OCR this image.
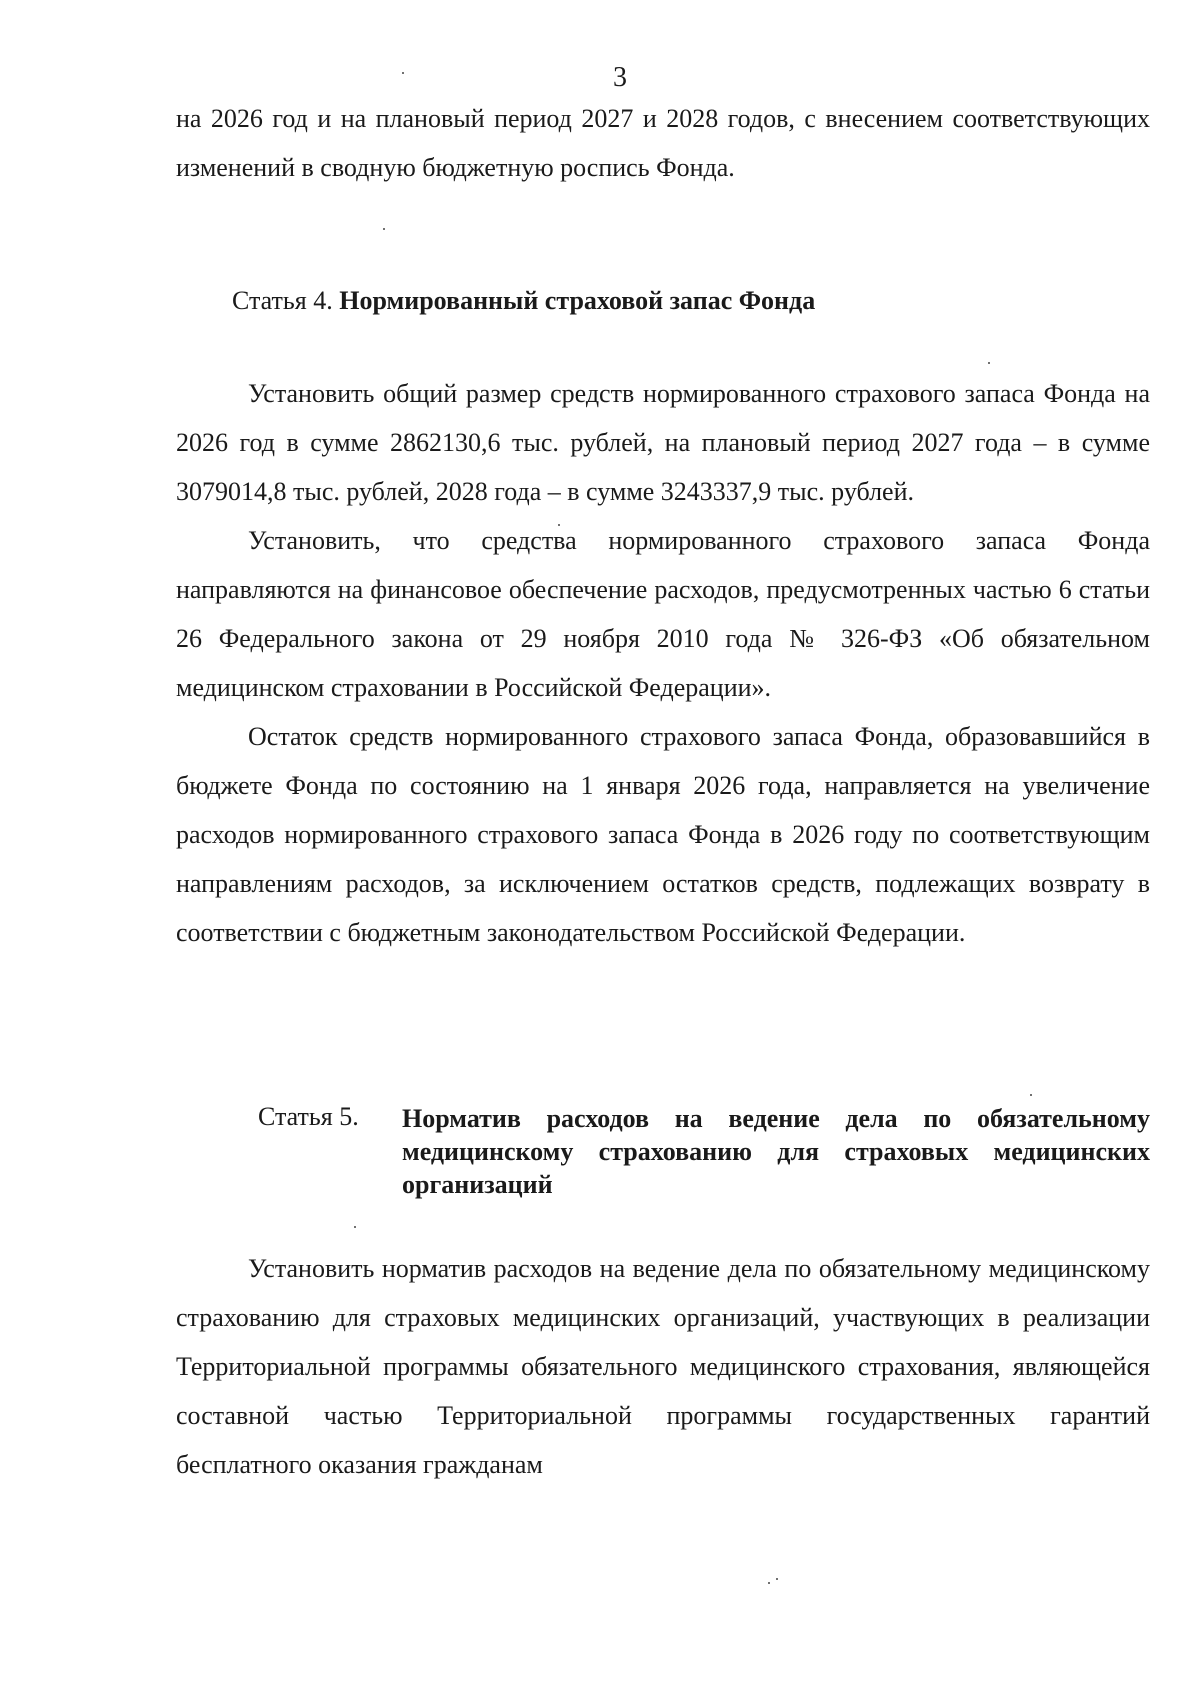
3

на 2026 год и на плановый период 2027 и 2028 годов, с внесением соответствующих изменений в сводную бюджетную роспись Фонда.

Статья 4. Нормированный страховой запас Фонда

Установить общий размер средств нормированного страхового запаса Фонда на 2026 год в сумме 2862130,6 тыс. рублей, на плановый период 2027 года – в сумме 3079014,8 тыс. рублей, 2028 года – в сумме 3243337,9 тыс. рублей.

Установить, что средства нормированного страхового запаса Фонда направляются на финансовое обеспечение расходов, предусмотренных частью 6 статьи 26 Федерального закона от 29 ноября 2010 года № 326-ФЗ «Об обязательном медицинском страховании в Российской Федерации».

Остаток средств нормированного страхового запаса Фонда, образовавшийся в бюджете Фонда по состоянию на 1 января 2026 года, направляется на увеличение расходов нормированного страхового запаса Фонда в 2026 году по соответствующим направлениям расходов, за исключением остатков средств, подлежащих возврату в соответствии с бюджетным законодательством Российской Федерации.

Статья 5.	Норматив расходов на ведение дела по обязательному медицинскому страхованию для страховых медицинских организаций

Установить норматив расходов на ведение дела по обязательному медицинскому страхованию для страховых медицинских организаций, участвующих в реализации Территориальной программы обязательного медицинского страхования, являющейся составной частью Территориальной программы государственных гарантий бесплатного оказания гражданам
